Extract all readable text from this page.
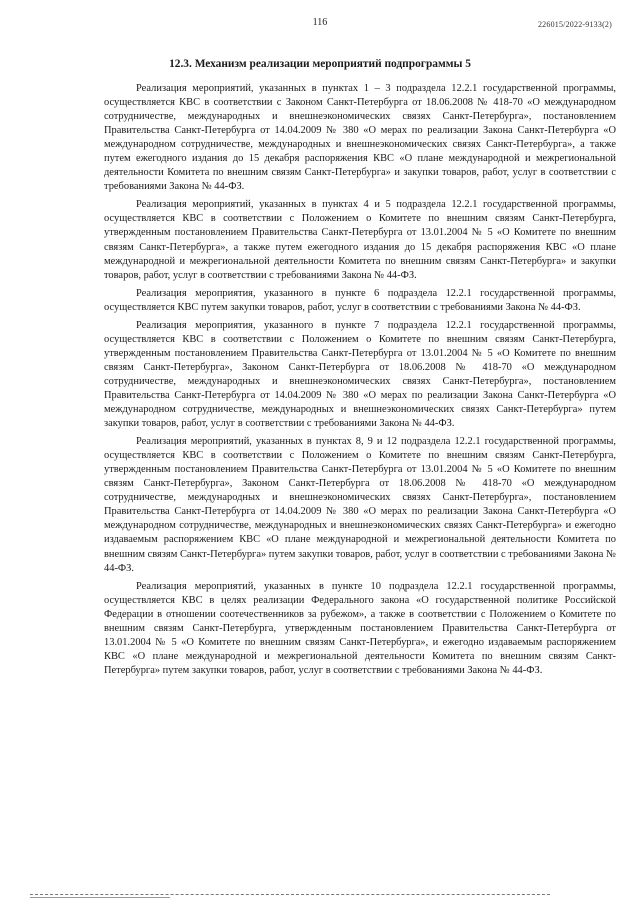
116	226015/2022-9133(2)
12.3. Механизм реализации мероприятий подпрограммы 5

Реализация мероприятий, указанных в пунктах 1 – 3 подраздела 12.2.1 государственной программы, осуществляется КВС в соответствии с Законом Санкт-Петербурга от 18.06.2008 № 418-70 «О международном сотрудничестве, международных и внешнеэкономических связях Санкт-Петербурга», постановлением Правительства Санкт-Петербурга от 14.04.2009 № 380 «О мерах по реализации Закона Санкт-Петербурга «О международном сотрудничестве, международных и внешнеэкономических связях Санкт-Петербурга», а также путем ежегодного издания до 15 декабря распоряжения КВС «О плане международной и межрегиональной деятельности Комитета по внешним связям Санкт-Петербурга» и закупки товаров, работ, услуг в соответствии с требованиями Закона № 44-ФЗ.

Реализация мероприятий, указанных в пунктах 4 и 5 подраздела 12.2.1 государственной программы, осуществляется КВС в соответствии с Положением о Комитете по внешним связям Санкт-Петербурга, утвержденным постановлением Правительства Санкт-Петербурга от 13.01.2004 № 5 «О Комитете по внешним связям Санкт-Петербурга», а также путем ежегодного издания до 15 декабря распоряжения КВС «О плане международной и межрегиональной деятельности Комитета по внешним связям Санкт-Петербурга» и закупки товаров, работ, услуг в соответствии с требованиями Закона № 44-ФЗ.

Реализация мероприятия, указанного в пункте 6 подраздела 12.2.1 государственной программы, осуществляется КВС путем закупки товаров, работ, услуг в соответствии с требованиями Закона № 44-ФЗ.

Реализация мероприятия, указанного в пункте 7 подраздела 12.2.1 государственной программы, осуществляется КВС в соответствии с Положением о Комитете по внешним связям Санкт-Петербурга, утвержденным постановлением Правительства Санкт-Петербурга от 13.01.2004 № 5 «О Комитете по внешним связям Санкт-Петербурга», Законом Санкт-Петербурга от 18.06.2008 № 418-70 «О международном сотрудничестве, международных и внешнеэкономических связях Санкт-Петербурга», постановлением Правительства Санкт-Петербурга от 14.04.2009 № 380 «О мерах по реализации Закона Санкт-Петербурга «О международном сотрудничестве, международных и внешнеэкономических связях Санкт-Петербурга» путем закупки товаров, работ, услуг в соответствии с требованиями Закона № 44-ФЗ.

Реализация мероприятий, указанных в пунктах 8, 9 и 12 подраздела 12.2.1 государственной программы, осуществляется КВС в соответствии с Положением о Комитете по внешним связям Санкт-Петербурга, утвержденным постановлением Правительства Санкт-Петербурга от 13.01.2004 № 5 «О Комитете по внешним связям Санкт-Петербурга», Законом Санкт-Петербурга от 18.06.2008 № 418-70 «О международном сотрудничестве, международных и внешнеэкономических связях Санкт-Петербурга», постановлением Правительства Санкт-Петербурга от 14.04.2009 № 380 «О мерах по реализации Закона Санкт-Петербурга «О международном сотрудничестве, международных и внешнеэкономических связях Санкт-Петербурга» и ежегодно издаваемым распоряжением КВС «О плане международной и межрегиональной деятельности Комитета по внешним связям Санкт-Петербурга» путем закупки товаров, работ, услуг в соответствии с требованиями Закона № 44-ФЗ.

Реализация мероприятий, указанных в пункте 10 подраздела 12.2.1 государственной программы, осуществляется КВС в целях реализации Федерального закона «О государственной политике Российской Федерации в отношении соотечественников за рубежом», а также в соответствии с Положением о Комитете по внешним связям Санкт-Петербурга, утвержденным постановлением Правительства Санкт-Петербурга от 13.01.2004 № 5 «О Комитете по внешним связям Санкт-Петербурга», и ежегодно издаваемым распоряжением КВС «О плане международной и межрегиональной деятельности Комитета по внешним связям Санкт-Петербурга» путем закупки товаров, работ, услуг в соответствии с требованиями Закона № 44-ФЗ.
